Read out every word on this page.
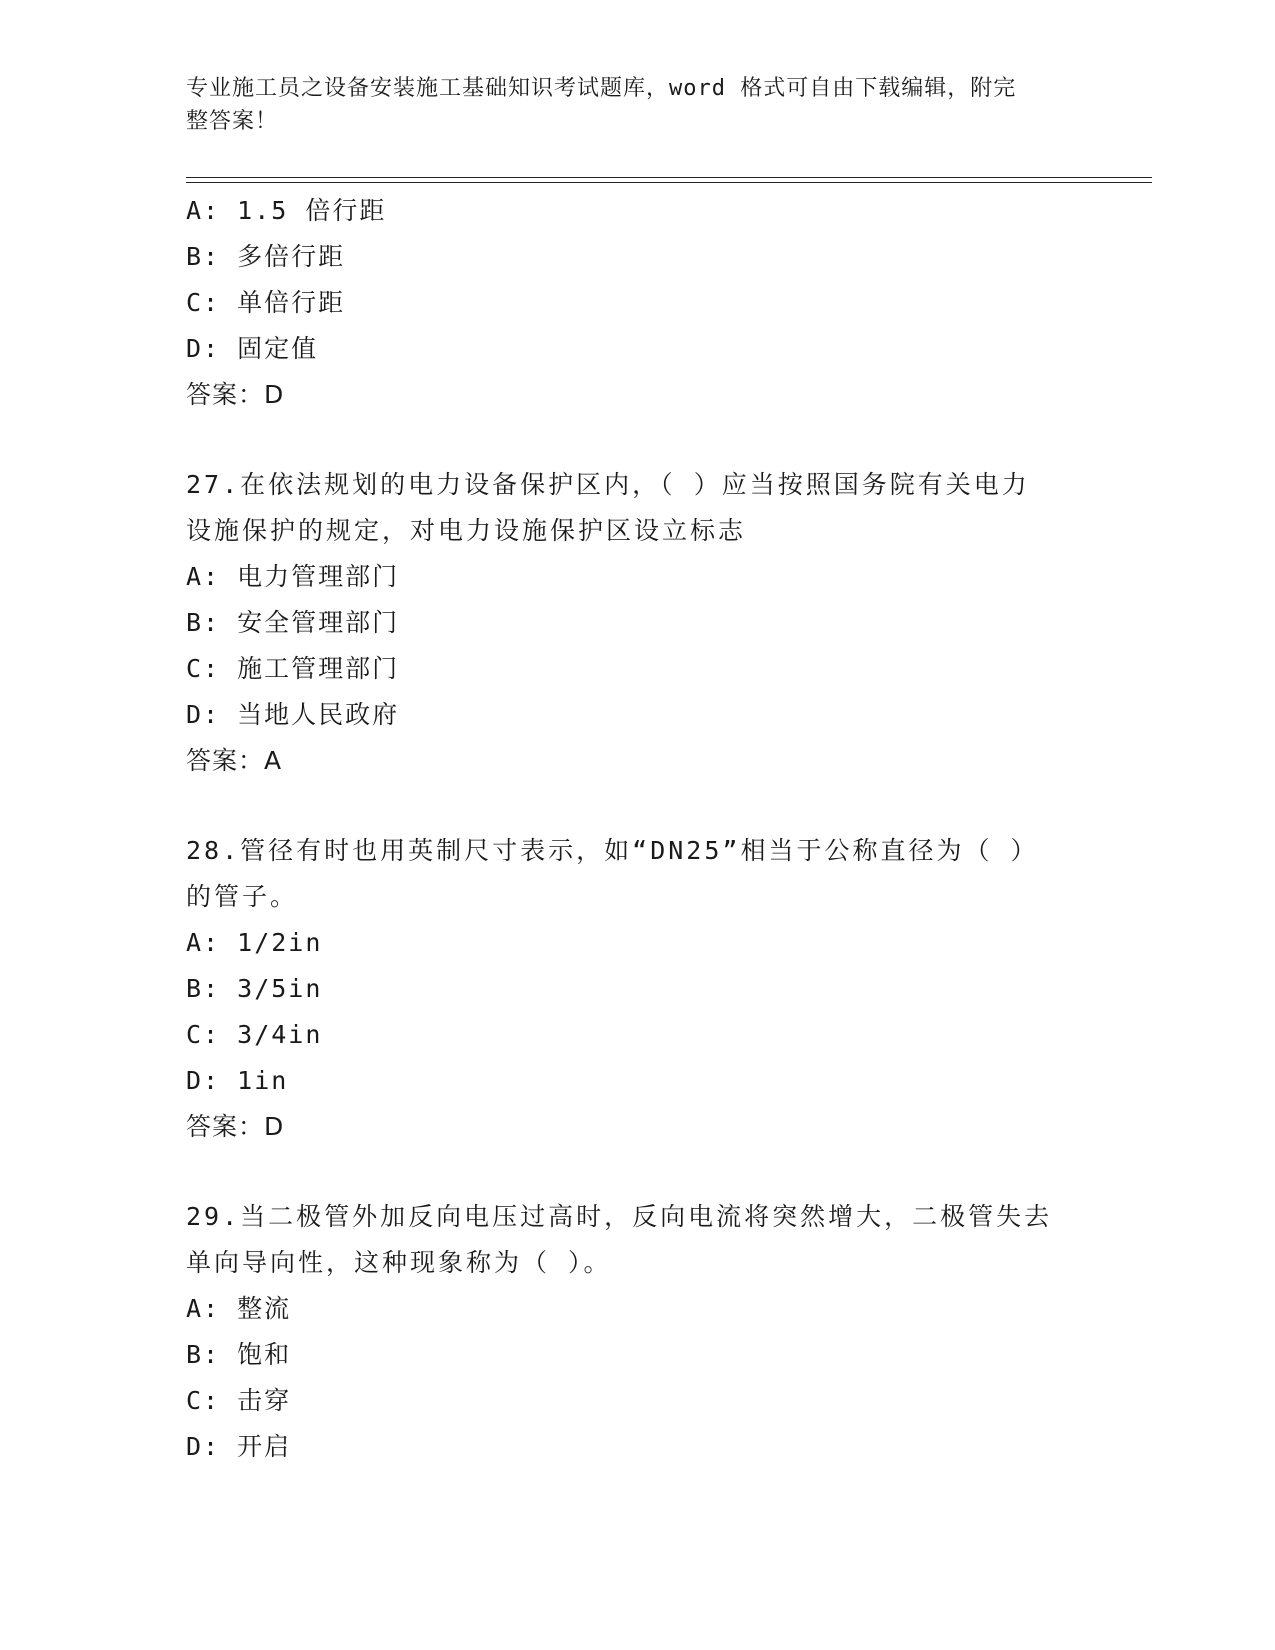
专业施工员之设备安装施工基础知识考试题库，word 格式可自由下载编辑，附完
整答案！
A: 1.5 倍行距
B: 多倍行距
C: 单倍行距
D: 固定值
答案：D
27.在依法规划的电力设备保护区内，（ ）应当按照国务院有关电力
设施保护的规定，对电力设施保护区设立标志
A: 电力管理部门
B: 安全管理部门
C: 施工管理部门
D: 当地人民政府
答案：A
28.管径有时也用英制尺寸表示，如“DN25”相当于公称直径为（ ）
的管子。
A: 1/2in
B: 3/5in
C: 3/4in
D: 1in
答案：D
29.当二极管外加反向电压过高时，反向电流将突然增大，二极管失去
单向导向性，这种现象称为（ ）。
A: 整流
B: 饱和
C: 击穿
D: 开启
